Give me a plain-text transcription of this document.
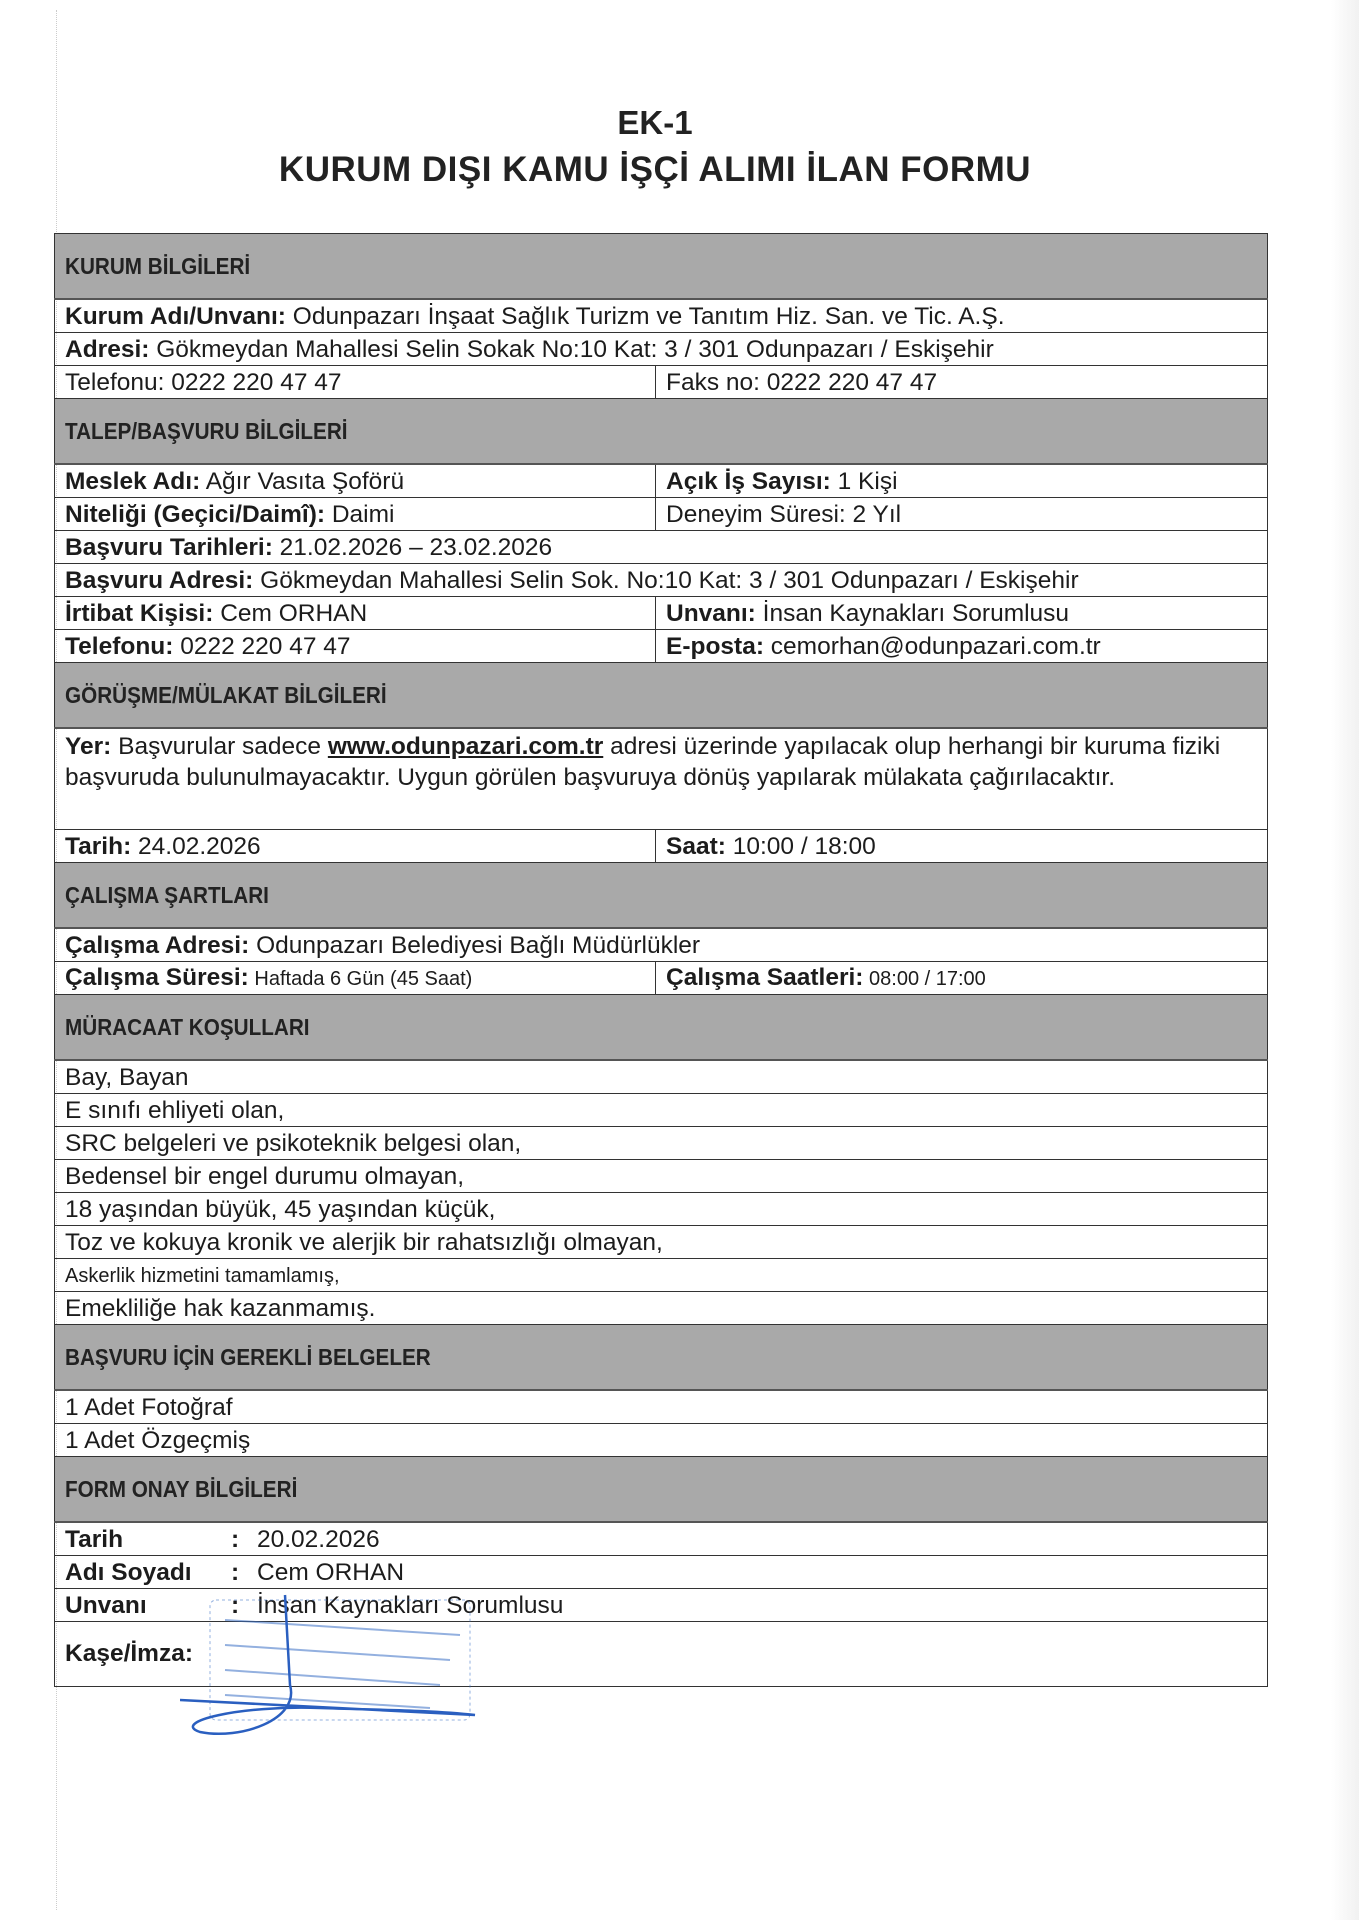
EK-1
KURUM DIŞI KAMU İŞÇİ ALIMI İLAN FORMU
KURUM BİLGİLERİ	
Kurum Adı/Unvanı: Odunpazarı İnşaat Sağlık Turizm ve Tanıtım Hiz. San. ve Tic. A.Ş.	
Adresi: Gökmeydan Mahallesi Selin Sokak No:10 Kat: 3 / 301 Odunpazarı / Eskişehir	
Telefonu: 0222 220 47 47	Faks no: 0222 220 47 47
TALEP/BAŞVURU BİLGİLERİ	
Meslek Adı: Ağır Vasıta Şoförü	Açık İş Sayısı: 1 Kişi
Niteliği (Geçici/Daimî): Daimi	Deneyim Süresi: 2 Yıl
Başvuru Tarihleri: 21.02.2026 – 23.02.2026	
Başvuru Adresi: Gökmeydan Mahallesi Selin Sok. No:10 Kat: 3 / 301 Odunpazarı / Eskişehir	
İrtibat Kişisi: Cem ORHAN	Unvanı: İnsan Kaynakları Sorumlusu
Telefonu: 0222 220 47 47	E-posta: cemorhan@odunpazari.com.tr
GÖRÜŞME/MÜLAKAT BİLGİLERİ	
Yer: Başvurular sadece www.odunpazari.com.tr adresi üzerinde yapılacak olup herhangi bir kuruma fiziki başvuruda bulunulmayacaktır. Uygun görülen başvuruya dönüş yapılarak mülakata çağırılacaktır.	
Tarih: 24.02.2026	Saat: 10:00 / 18:00
ÇALIŞMA ŞARTLARI	
Çalışma Adresi: Odunpazarı Belediyesi Bağlı Müdürlükler	
Çalışma Süresi: Haftada 6 Gün (45 Saat)	Çalışma Saatleri: 08:00 / 17:00
MÜRACAAT KOŞULLARI	
Bay, Bayan	
E sınıfı ehliyeti olan,	
SRC belgeleri ve psikoteknik belgesi olan,	
Bedensel bir engel durumu olmayan,	
18 yaşından büyük, 45 yaşından küçük,	
Toz ve kokuya kronik ve alerjik bir rahatsızlığı olmayan,	
Askerlik hizmetini tamamlamış,	
Emekliliğe hak kazanmamış.	
BAŞVURU İÇİN GEREKLİ BELGELER	
1 Adet Fotoğraf	
1 Adet Özgeçmiş	
FORM ONAY BİLGİLERİ	
Tarih : 20.02.2026	
Adı Soyadı : Cem ORHAN	
Unvanı : İnsan Kaynakları Sorumlusu	
Kaşe/İmza:	
